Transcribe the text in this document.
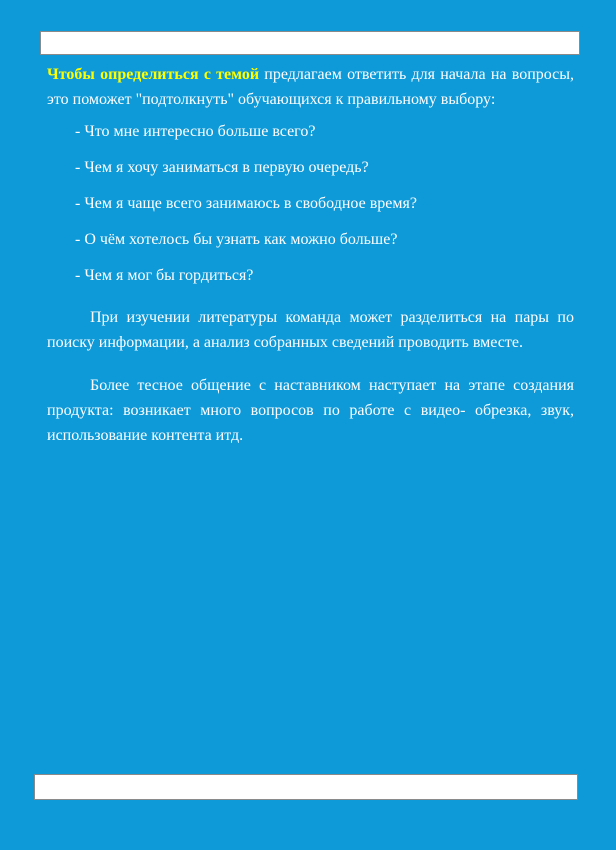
Чтобы определиться с темой предлагаем ответить для начала на вопросы, это поможет "подтолкнуть" обучающихся к правильному выбору:

- Что мне интересно больше всего?
- Чем я хочу заниматься в первую очередь?
- Чем я чаще всего занимаюсь в свободное время?
- О чём хотелось бы узнать как можно больше?
- Чем я мог бы гордиться?

При изучении литературы команда может разделиться на пары по поиску информации, а анализ собранных сведений проводить вместе.

Более тесное общение с наставником наступает на этапе создания продукта: возникает много вопросов по работе с видео- обрезка, звук, использование контента итд.
